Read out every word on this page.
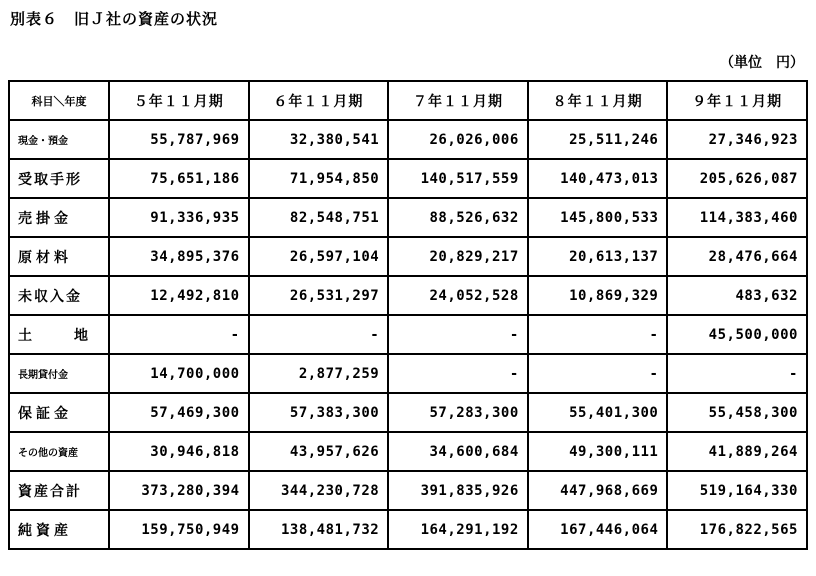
別表６　旧Ｊ社の資産の状況
（単位　円）
科目＼年度	５年１１月期	６年１１月期	７年１１月期	８年１１月期	９年１１月期
現金・預金	55,787,969	32,380,541	26,026,006	25,511,246	27,346,923
受取手形	75,651,186	71,954,850	140,517,559	140,473,013	205,626,087
売掛金	91,336,935	82,548,751	88,526,632	145,800,533	114,383,460
原材料	34,895,376	26,597,104	20,829,217	20,613,137	28,476,664
未収入金	12,492,810	26,531,297	24,052,528	10,869,329	483,632
土地	-	-	-	-	45,500,000
長期貸付金	14,700,000	2,877,259	-	-	-
保証金	57,469,300	57,383,300	57,283,300	55,401,300	55,458,300
その他の資産	30,946,818	43,957,626	34,600,684	49,300,111	41,889,264
資産合計	373,280,394	344,230,728	391,835,926	447,968,669	519,164,330
純資産	159,750,949	138,481,732	164,291,192	167,446,064	176,822,565
